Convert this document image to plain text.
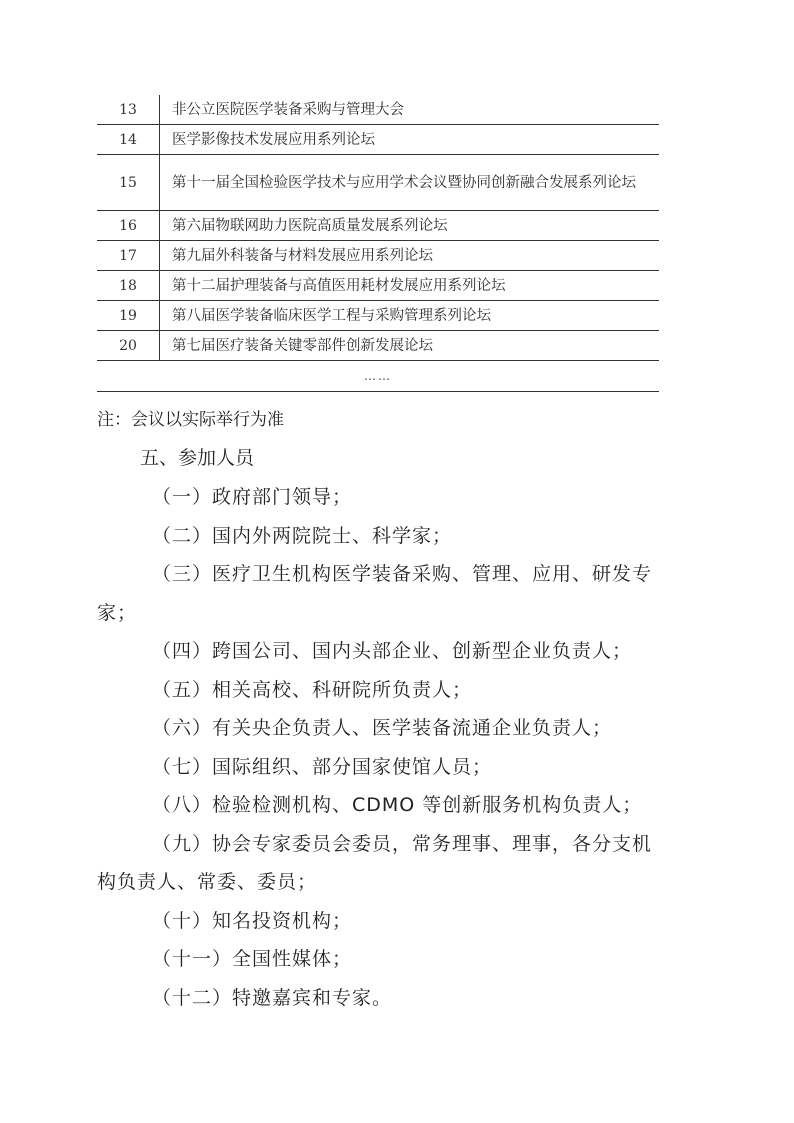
13	非公立医院医学装备采购与管理大会
14	医学影像技术发展应用系列论坛
15	第十一届全国检验医学技术与应用学术会议暨协同创新融合发展系列论坛
16	第六届物联网助力医院高质量发展系列论坛
17	第九届外科装备与材料发展应用系列论坛
18	第十二届护理装备与高值医用耗材发展应用系列论坛
19	第八届医学装备临床医学工程与采购管理系列论坛
20	第七届医疗装备关键零部件创新发展论坛
……
注：会议以实际举行为准
五、参加人员

（一）政府部门领导；

（二）国内外两院院士、科学家；

（三）医疗卫生机构医学装备采购、管理、应用、研发专家；

（四）跨国公司、国内头部企业、创新型企业负责人；

（五）相关高校、科研院所负责人；

（六）有关央企负责人、医学装备流通企业负责人；

（七）国际组织、部分国家使馆人员；

（八）检验检测机构、CDMO 等创新服务机构负责人；

（九）协会专家委员会委员，常务理事、理事，各分支机构负责人、常委、委员；

（十）知名投资机构；

（十一）全国性媒体；

（十二）特邀嘉宾和专家。
